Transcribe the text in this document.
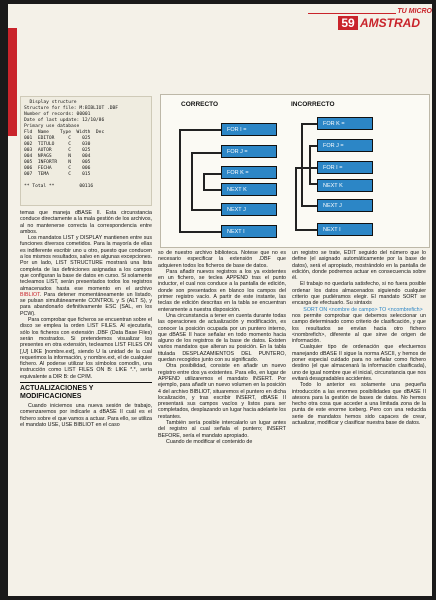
TU MICRO
59 AMSTRAD
Display structure
Structure for file: M:BIBLIOT .DBF
Number of records: 00001
Date of last update: 12/10/86
Primary use database
Fld  Name    Type  Width  Dec
001  EDITOR     C    025
002  TITULO     C    030
003  AUTOR      C    025
004  NPAGS      N    004
005  INFORTR    N    005
006  FECHA      C    006
007  TEMA       C    015

** Total **         00116
CORRECTO	INCORRECTO
FOR I =
FOR J =
FOR K =
NEXT K
NEXT J
NEXT I
FOR K =
FOR J =
FOR I =
NEXT K
NEXT J
NEXT I

temas que maneja dBASE II. Esta circunstancia conduce directamente a la mala gestión de los archivos, al no mantenerse correcta la correspondencia entre ambos.

Los mandatos LIST y DISPLAY mantienen entre sus funciones diversos cometidos. Para la mayoría de ellas es indiferente escribir uno u otro, puesto que conducen a los mismos resultados, salvo en algunas excepciones. Por un lado, LIST STRUCTURE mostrará una lista completa de las definiciones asignadas a los campos que configuran la base de datos en curso. Si solamente tecleamos LIST, serán presentados todos los registros almacenados hasta ese momento en el archivo BIBLIOT. Para detener momentáneamente un listado, se pulsan simultáneamente CONTROL y S (ALT S), y para abandonarlo definitivamente ESC (SAL, en los PCW).

Para comprobar que ficheros se encuentran sobre el disco se emplea la orden LIST FILES. Al ejecutarla, sólo los ficheros con extensión .DBF (Data Base Files) serán mostrados. Si pretendemos visualizar los presentes en otra extensión, tecleamos LIST FILES ON [,U] LIKE [nombre.ext], siendo U la unidad de la cual requerimos la información, y nombre.ext, el de cualquier fichero. Al poderse utilizar los símbolos comodín, una instrucción como LIST FILES ON B: LIKE *.*, sería equivalente a DIR B: de CP/M.

ACTUALIZACIONES Y
MODIFICACIONES

Cuando iniciemos una nueva sesión de trabajo, comenzaremos por indicarle a dBASE II cuál es el fichero sobre el que vamos a actuar. Para ello, se utiliza el mandato USE, USE BIBLIOT en el caso

so de nuestro archivo biblioteca. Notese que no es necesario especificar la extensión .DBF que adquieren todos los ficheros de base de datos.

Para añadir nuevos registros a los ya existentes en un fichero, se teclea APPEND tras el punto inductor, el cual nos conduce a la pantalla de edición, donde son presentados en blanco los campos del primer registro vacío. A partir de este instante, las teclas de edición descritas en la tabla se encuentran enteramente a nuestra disposición.

Una circunstancia a tener en cuenta durante todas las operaciones de actualización y modificación, es conocer la posición ocupada por un puntero interno, que dBASE II hace señalar en todo momento hacia alguno de los registros de la base de datos. Existen varios mandatos que alteran su posición. En la tabla titulada DESPLAZAMIENTOS DEL PUNTERO, quedan recogidos junto con su significado.

Otra posibilidad, consiste en añadir un nuevo registro entre dos ya existentes. Para ello, en lugar de APPEND utilizaremos el mandato INSERT. Por ejemplo, para añadir un nuevo volumen en la posición 4 del archivo BIBLIOT, situaremos el puntero en dicha localización, y tras escribir INSERT, dBASE II presentará sus campos vacíos y listos para ser completados, desplazando un lugar hacia adelante los restantes.

También sería posible intercalarlo un lugar antes del registro al cual señala el puntero; INSERT BEFORE, sería el mandato apropiado.

Cuando de modificar el contenido de

un registro se trate, EDIT seguido del número que lo define (el asignado automáticamente por la base de datos), será el apropiado, mostrándolo en la pantalla de edición, donde podremos actuar en consecuencia sobre él.

El trabajo no quedaría satisfecho, si no fuera posible ordenar los datos almacenados siguiendo cualquier criterio que pudiéramos elegir. El mandato SORT se encarga de efectuarlo. Su sintaxis

SORT ON <nombre de campo> TO <ncombrefich>

nos permite comprobar que debemos seleccionar un campo determinado como criterio de clasificación, y que los resultados se envían hacia otro fichero <nombrefich>, diferente al que sirve de origen de información.

Cualquier tipo de ordenación que efectuemos manejando dBASE II sigue la norma ASCII, y hemos de poner especial cuidado para no señalar como fichero destino (el que almacenará la información clasificada), uno de igual nombre que el inicial, circunstancia que nos evitará desagradables accidentes.

Todo lo anterior es solamente una pequeña introducción a las enormes posibilidades que dBASE II atesora para la gestión de bases de datos. No hemos hecho otra cosa que acceder a una limitada zona de la punta de este enorme iceberg. Pero con una reducida serie de mandatos hemos sido capaces de crear, actualizar, modificar y clasificar nuestra base de datos.
